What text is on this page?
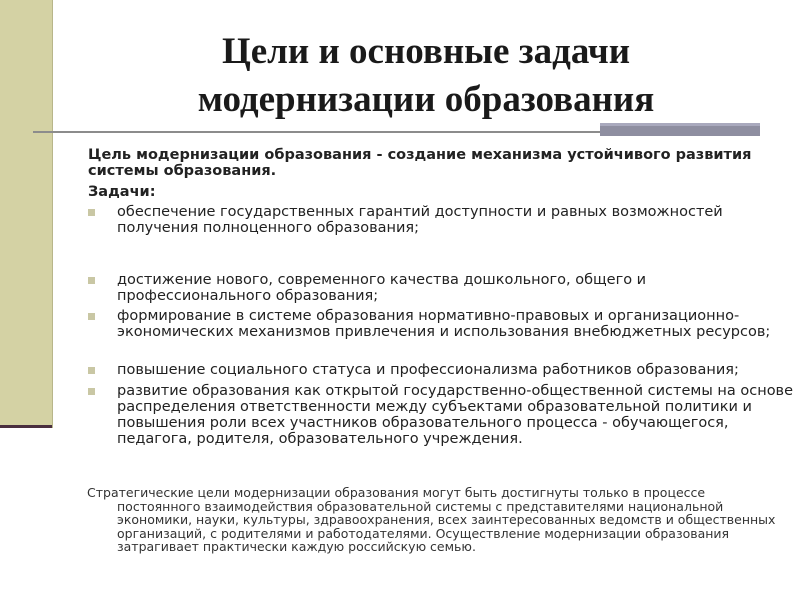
Цели и основные задачи
модернизации образования
Цель модернизации образования - создание механизма устойчивого развития системы образования.
Задачи:
обеспечение государственных гарантий доступности и равных возможностей получения полноценного образования;
достижение нового, современного качества дошкольного, общего и профессионального образования;
формирование в системе образования нормативно-правовых и организационно-экономических механизмов привлечения и использования внебюджетных ресурсов;
повышение социального статуса и профессионализма работников образования;
развитие образования как открытой государственно-общественной системы на основе распределения ответственности между субъектами образовательной политики и повышения роли всех участников образовательного процесса - обучающегося, педагога, родителя, образовательного учреждения.
Стратегические цели модернизации образования могут быть достигнуты только в процессе
постоянного взаимодействия образовательной системы с представителями национальной экономики, науки, культуры, здравоохранения, всех заинтересованных ведомств и общественных организаций, с родителями и работодателями. Осуществление модернизации образования затрагивает практически каждую российскую семью.
